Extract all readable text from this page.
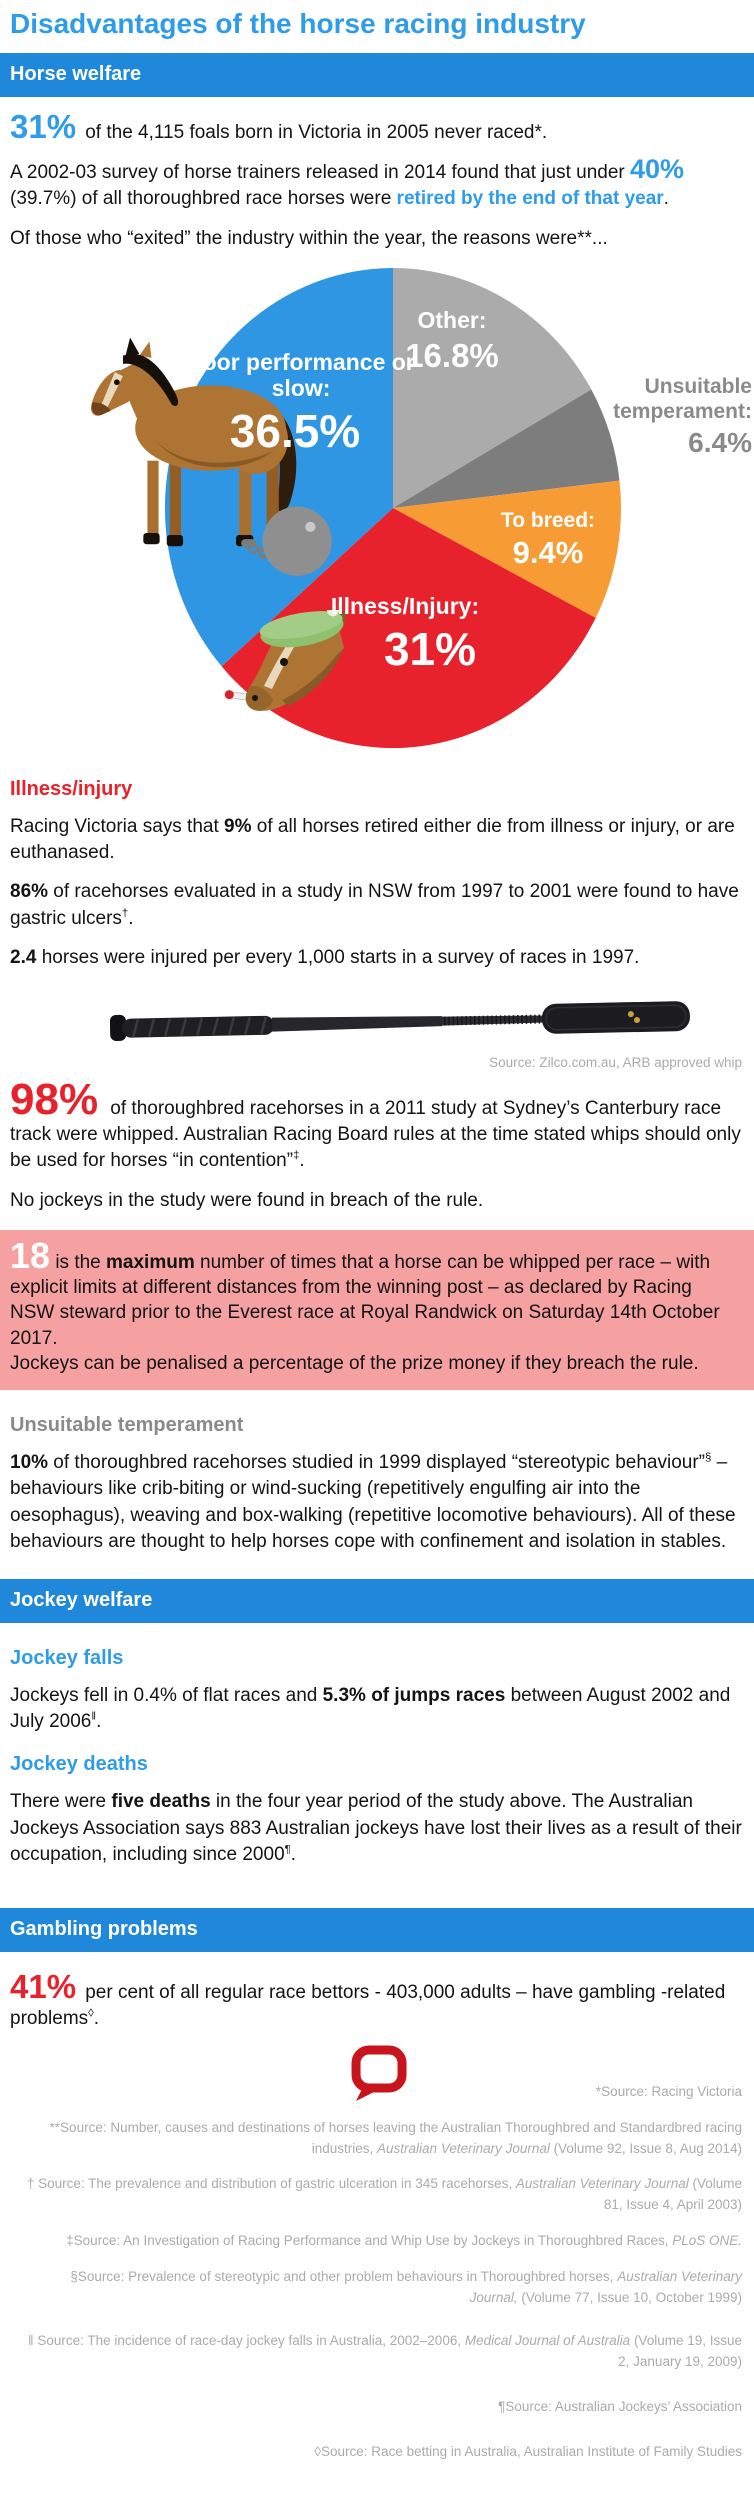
Disadvantages of the horse racing industry
Horse welfare

31% of the 4,115 foals born in Victoria in 2005 never raced*.

A 2002-03 survey of horse trainers released in 2014 found that just under 40% (39.7%) of all thoroughbred race horses were retired by the end of that year.

Of those who “exited” the industry within the year, the reasons were**...

Poor performance or slow:
36.5%
Other:
16.8%
Unsuitable temperament:
6.4%
To breed:
9.4%
Illness/Injury:
31%
Illness/injury

Racing Victoria says that 9% of all horses retired either die from illness or injury, or are euthanased.

86% of racehorses evaluated in a study in NSW from 1997 to 2001 were found to have gastric ulcers†.

2.4 horses were injured per every 1,000 starts in a survey of races in 1997.

Source: Zilco.com.au, ARB approved whip

98% of thoroughbred racehorses in a 2011 study at Sydney’s Canterbury race track were whipped. Australian Racing Board rules at the time stated whips should only be used for horses “in contention”‡.

No jockeys in the study were found in breach of the rule.

18 is the maximum number of times that a horse can be whipped per race – with explicit limits at different distances from the winning post – as declared by Racing NSW steward prior to the Everest race at Royal Randwick on Saturday 14th October 2017.

Jockeys can be penalised a percentage of the prize money if they breach the rule.

Unsuitable temperament

10% of thoroughbred racehorses studied in 1999 displayed “stereotypic behaviour”§ – behaviours like crib-biting or wind-sucking (repetitively engulfing air into the oesophagus), weaving and box-walking (repetitive locomotive behaviours). All of these behaviours are thought to help horses cope with confinement and isolation in stables.

Jockey welfare
Jockey falls

Jockeys fell in 0.4% of flat races and 5.3% of jumps races between August 2002 and July 2006‖.

Jockey deaths

There were five deaths in the four year period of the study above. The Australian Jockeys Association says 883 Australian jockeys have lost their lives as a result of their occupation, including since 2000¶.

Gambling problems

41% per cent of all regular race bettors - 403,000 adults – have gambling -related problems◊.

*Source: Racing Victoria

**Source: Number, causes and destinations of horses leaving the Australian Thoroughbred and Standardbred racing industries, Australian Veterinary Journal (Volume 92, Issue 8, Aug 2014)

† Source: The prevalence and distribution of gastric ulceration in 345 racehorses, Australian Veterinary Journal (Volume 81, Issue 4, April 2003)

‡Source: An Investigation of Racing Performance and Whip Use by Jockeys in Thoroughbred Races, PLoS ONE.

§Source: Prevalence of stereotypic and other problem behaviours in Thoroughbred horses, Australian Veterinary Journal, (Volume 77, Issue 10, October 1999)

‖ Source: The incidence of race-day jockey falls in Australia, 2002–2006, Medical Journal of Australia (Volume 19, Issue 2, January 19, 2009)

¶Source: Australian Jockeys’ Association

◊Source: Race betting in Australia, Australian Institute of Family Studies
